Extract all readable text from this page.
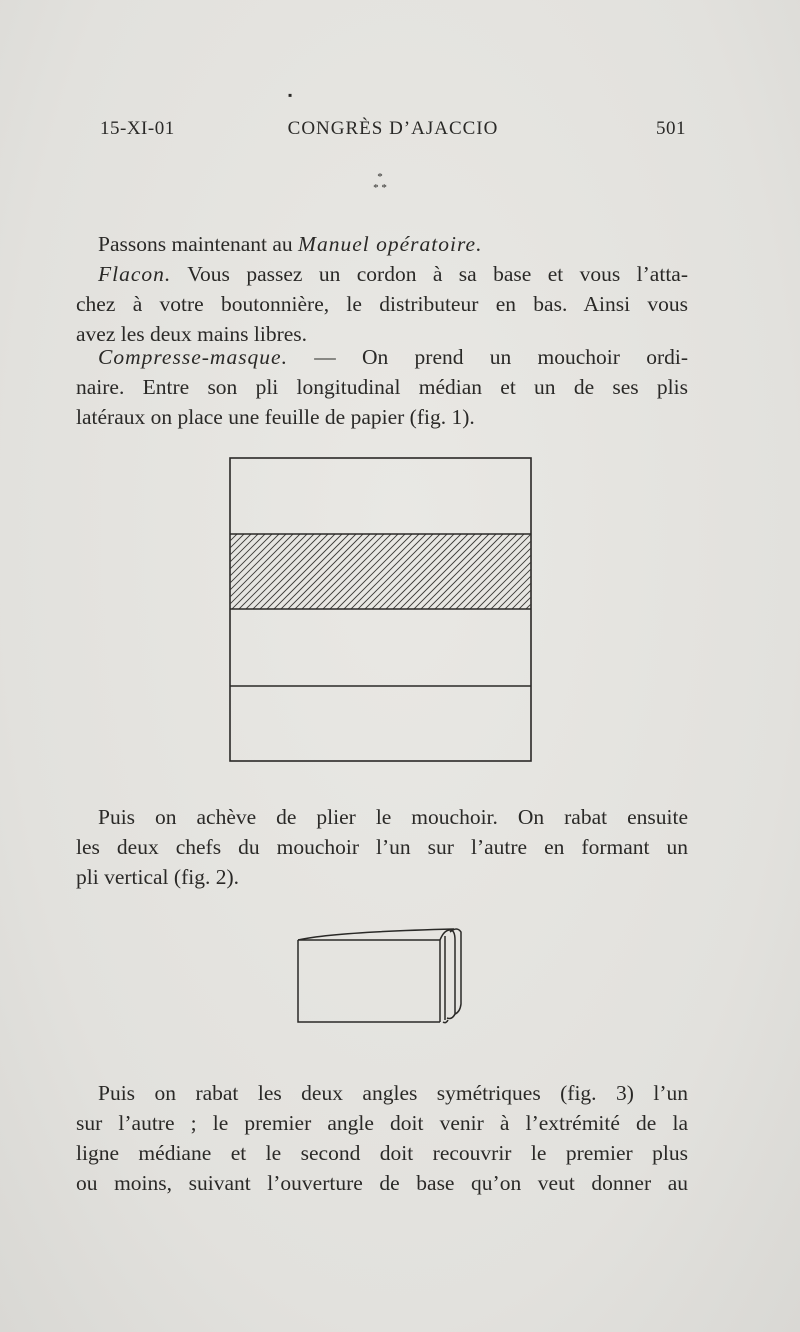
▪
15-XI-01	CONGRÈS D’AJACCIO	501
*
* *
Passons maintenant au Manuel opératoire.
Flacon. Vous passez un cordon à sa base et vous l’atta-
chez à votre boutonnière, le distributeur en bas. Ainsi vous
avez les deux mains libres.
Compresse-masque. — On prend un mouchoir ordi-
naire. Entre son pli longitudinal médian et un de ses plis
latéraux on place une feuille de papier (fig. 1).
Puis on achève de plier le mouchoir. On rabat ensuite
les deux chefs du mouchoir l’un sur l’autre en formant un
pli vertical (fig. 2).
Puis on rabat les deux angles symétriques (fig. 3) l’un
sur l’autre ; le premier angle doit venir à l’extrémité de la
ligne médiane et le second doit recouvrir le premier plus
ou moins, suivant l’ouverture de base qu’on veut donner au
